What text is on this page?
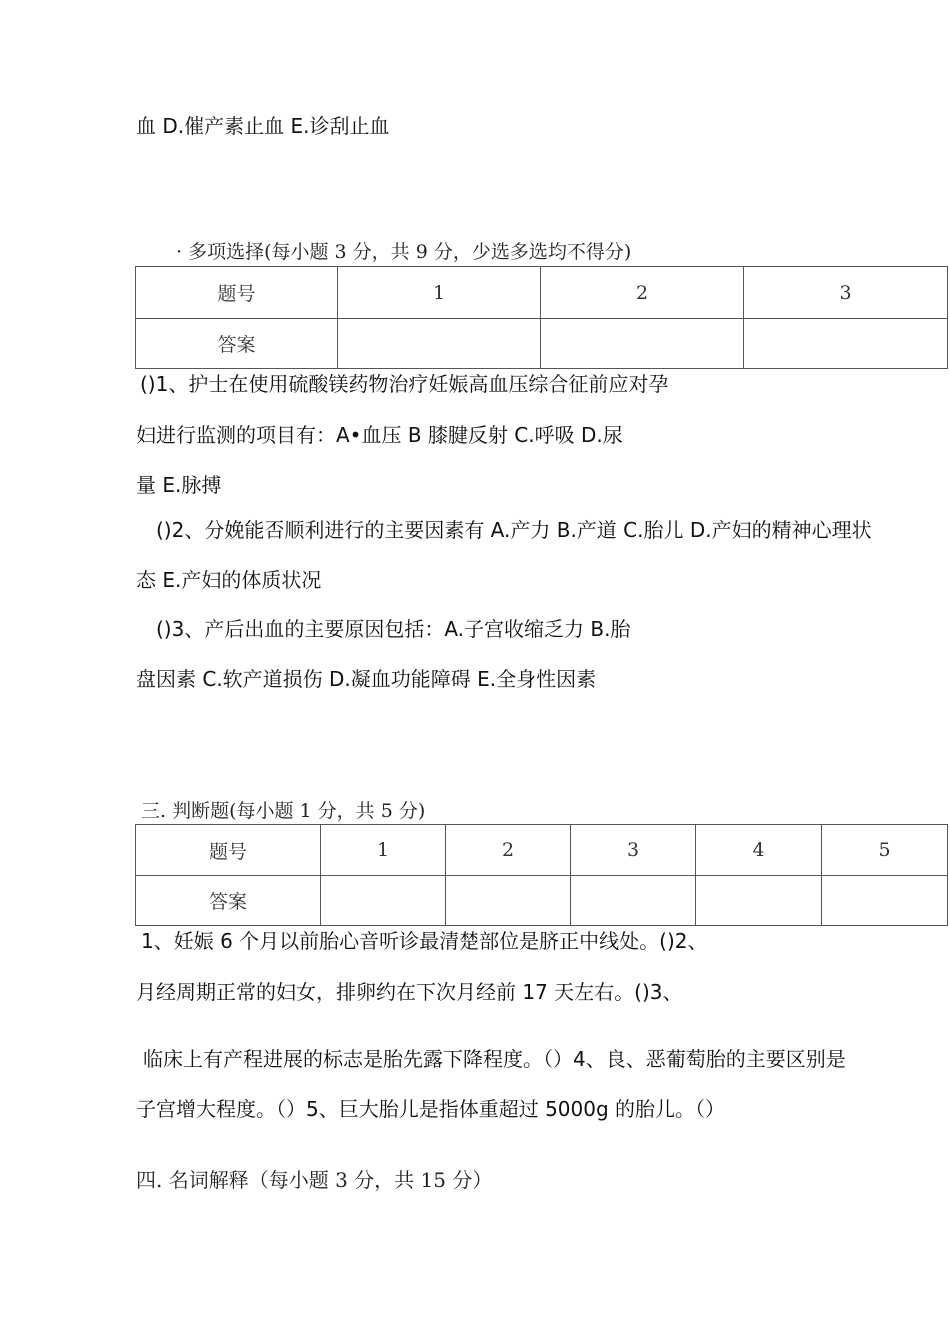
血 D.催产素止血 E.诊刮止血
· 多项选择(每小题 3 分，共 9 分，少选多选均不得分)
题号	1	2	3
答案			
()1、护士在使用硫酸镁药物治疗妊娠高血压综合征前应对孕
妇进行监测的项目有：A•血压 B 膝腱反射 C.呼吸 D.尿
量 E.脉搏
()2、分娩能否顺利进行的主要因素有 A.产力 B.产道 C.胎儿 D.产妇的精神心理状
态 E.产妇的体质状况
()3、产后出血的主要原因包括：A.子宫收缩乏力 B.胎
盘因素 C.软产道损伤 D.凝血功能障碍 E.全身性因素
三. 判断题(每小题 1 分，共 5 分)
题号	1	2	3	4	5
答案					
1、妊娠 6 个月以前胎心音听诊最清楚部位是脐正中线处。()2、
月经周期正常的妇女，排卵约在下次月经前 17 天左右。()3、
临床上有产程进展的标志是胎先露下降程度。（）4、良、恶葡萄胎的主要区别是
子宫增大程度。（）5、巨大胎儿是指体重超过 5000g 的胎儿。（）
四. 名词解释（每小题 3 分，共 15 分）
